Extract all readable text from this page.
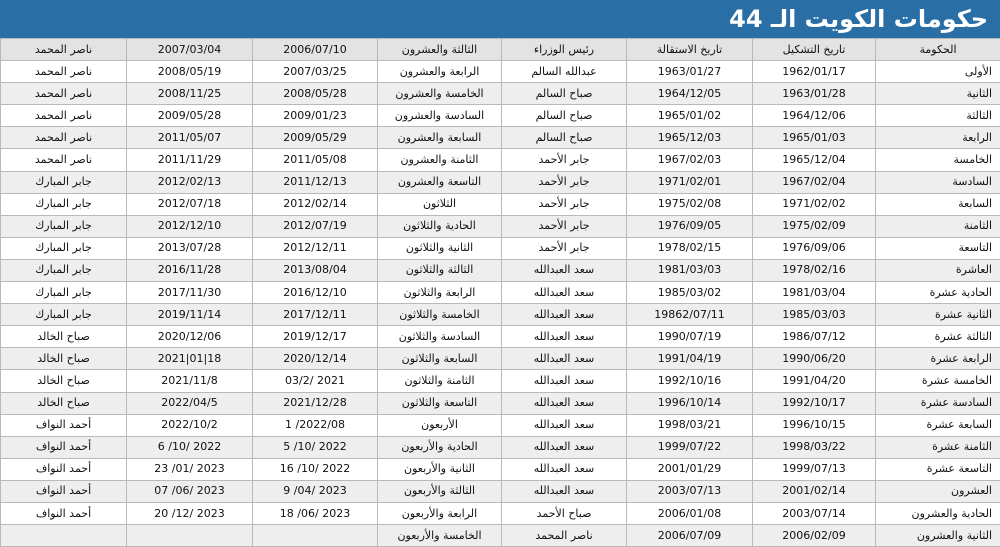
حكومات الكويت الـ 44
الحكومة	تاريخ التشكيل	تاريخ الاستقالة	رئيس الوزراء	الثالثة والعشرون	2006/07/10	2007/03/04	ناصر المحمد
الأولى	1962/01/17	1963/01/27	عبدالله السالم	الرابعة والعشرون	2007/03/25	2008/05/19	ناصر المحمد
الثانية	1963/01/28	1964/12/05	صباح السالم	الخامسة والعشرون	2008/05/28	2008/11/25	ناصر المحمد
الثالثة	1964/12/06	1965/01/02	صباح السالم	السادسة والعشرون	2009/01/23	2009/05/28	ناصر المحمد
الرابعة	1965/01/03	1965/12/03	صباح السالم	السابعة والعشرون	2009/05/29	2011/05/07	ناصر المحمد
الخامسة	1965/12/04	1967/02/03	جابر الأحمد	الثامنة والعشرون	2011/05/08	2011/11/29	ناصر المحمد
السادسة	1967/02/04	1971/02/01	جابر الأحمد	التاسعة والعشرون	2011/12/13	2012/02/13	جابر المبارك
السابعة	1971/02/02	1975/02/08	جابر الأحمد	الثلاثون	2012/02/14	2012/07/18	جابر المبارك
الثامنة	1975/02/09	1976/09/05	جابر الأحمد	الحادية والثلاثون	2012/07/19	2012/12/10	جابر المبارك
التاسعة	1976/09/06	1978/02/15	جابر الأحمد	الثانية والثلاثون	2012/12/11	2013/07/28	جابر المبارك
العاشرة	1978/02/16	1981/03/03	سعد العبدالله	الثالثة والثلاثون	2013/08/04	2016/11/28	جابر المبارك
الحادية عشرة	1981/03/04	1985/03/02	سعد العبدالله	الرابعة والثلاثون	2016/12/10	2017/11/30	جابر المبارك
الثانية عشرة	1985/03/03	19862/07/11	سعد العبدالله	الخامسة والثلاثون	2017/12/11	2019/11/14	جابر المبارك
الثالثة عشرة	1986/07/12	1990/07/19	سعد العبدالله	السادسة والثلاثون	2019/12/17	2020/12/06	صباح الخالد
الرابعة عشرة	1990/06/20	1991/04/19	سعد العبدالله	السابعة والثلاثون	2020/12/14	18|01|2021	صباح الخالد
الخامسة عشرة	1991/04/20	1992/10/16	سعد العبدالله	الثامنة والثلاثون	2021 /03/2	2021/11/8	صباح الخالد
السادسة عشرة	1992/10/17	1996/10/14	سعد العبدالله	التاسعة والثلاثون	2021/12/28	2022/04/5	صباح الخالد
السابعة عشرة	1996/10/15	1998/03/21	سعد العبدالله	الأربعون	2022/08/ 1	2022/10/2	أحمد النواف
الثامنة عشرة	1998/03/22	1999/07/22	سعد العبدالله	الحادية والأربعون	2022 /10/ 5	2022 /10/ 6	أحمد النواف
التاسعة عشرة	1999/07/13	2001/01/29	سعد العبدالله	الثانية والأربعون	2022 /10/ 16	2023 /01/ 23	أحمد النواف
العشرون	2001/02/14	2003/07/13	سعد العبدالله	الثالثة والأربعون	2023 /04/ 9	2023 /06/ 07	أحمد النواف
الحادية والعشرون	2003/07/14	2006/01/08	صباح الأحمد	الرابعة والأربعون	2023 /06/ 18	2023 /12/ 20	أحمد النواف
الثانية والعشرون	2006/02/09	2006/07/09	ناصر المحمد	الخامسة والأربعون			
